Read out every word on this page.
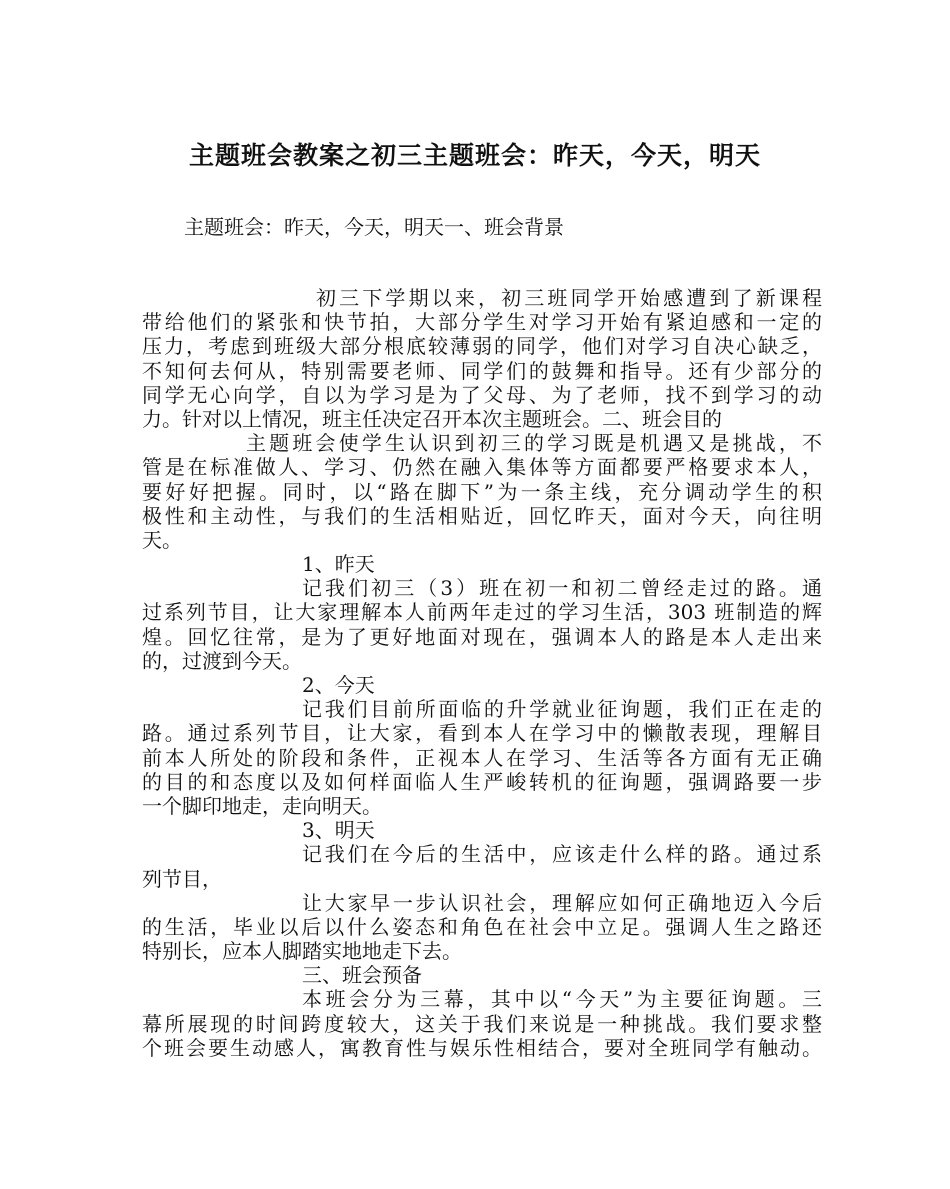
主题班会教案之初三主题班会：昨天，今天，明天
主题班会：昨天，今天，明天一、班会背景
初三下学期以来，初三班同学开始感遭到了新课程
带给他们的紧张和快节拍，大部分学生对学习开始有紧迫感和一定的
压力，考虑到班级大部分根底较薄弱的同学，他们对学习自决心缺乏，
不知何去何从，特别需要老师、同学们的鼓舞和指导。还有少部分的
同学无心向学，自以为学习是为了父母、为了老师，找不到学习的动
力。针对以上情况，班主任决定召开本次主题班会。二、班会目的
主题班会使学生认识到初三的学习既是机遇又是挑战，不
管是在标准做人、学习、仍然在融入集体等方面都要严格要求本人，
要好好把握。同时，以“路在脚下”为一条主线，充分调动学生的积
极性和主动性，与我们的生活相贴近，回忆昨天，面对今天，向往明
天。
1、昨天
记我们初三（3）班在初一和初二曾经走过的路。通
过系列节目，让大家理解本人前两年走过的学习生活，303 班制造的辉
煌。回忆往常，是为了更好地面对现在，强调本人的路是本人走出来
的，过渡到今天。
2、今天
记我们目前所面临的升学就业征询题，我们正在走的
路。通过系列节目，让大家，看到本人在学习中的懒散表现，理解目
前本人所处的阶段和条件，正视本人在学习、生活等各方面有无正确
的目的和态度以及如何样面临人生严峻转机的征询题，强调路要一步
一个脚印地走，走向明天。
3、明天
记我们在今后的生活中，应该走什么样的路。通过系
列节目，
让大家早一步认识社会，理解应如何正确地迈入今后
的生活，毕业以后以什么姿态和角色在社会中立足。强调人生之路还
特别长，应本人脚踏实地地走下去。
三、班会预备
本班会分为三幕，其中以“今天”为主要征询题。三
幕所展现的时间跨度较大，这关于我们来说是一种挑战。我们要求整
个班会要生动感人，寓教育性与娱乐性相结合，要对全班同学有触动。
